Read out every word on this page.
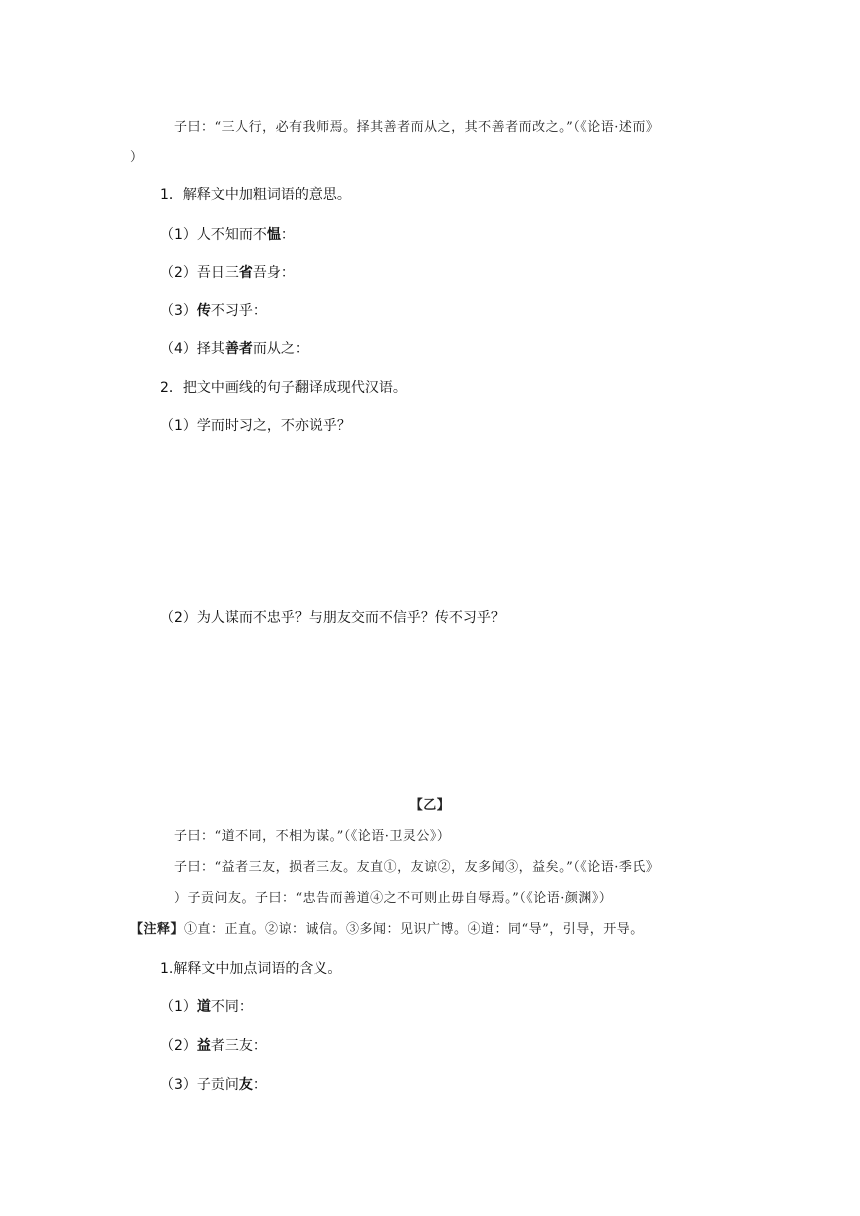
子曰：“三人行，必有我师焉。择其善者而从之，其不善者而改之。”（《论语·述而》
）
1．解释文中加粗词语的意思。
（1）人不知而不愠：
（2）吾日三省吾身：
（3）传不习乎：
（4）择其善者而从之：
2．把文中画线的句子翻译成现代汉语。
（1）学而时习之，不亦说乎？
（2）为人谋而不忠乎？与朋友交而不信乎？传不习乎？
【乙】
子曰：“道不同，不相为谋。”（《论语·卫灵公》）
子曰：“益者三友，损者三友。友直①，友谅②，友多闻③，益矣。”（《论语·季氏》
）子贡问友。子曰：“忠告而善道④之不可则止毋自辱焉。”（《论语·颜渊》）
【注释】①直：正直。②谅：诚信。③多闻：见识广博。④道：同“导”，引导，开导。
1.解释文中加点词语的含义。
（1）道不同：
（2）益者三友：
（3）子贡问友：
